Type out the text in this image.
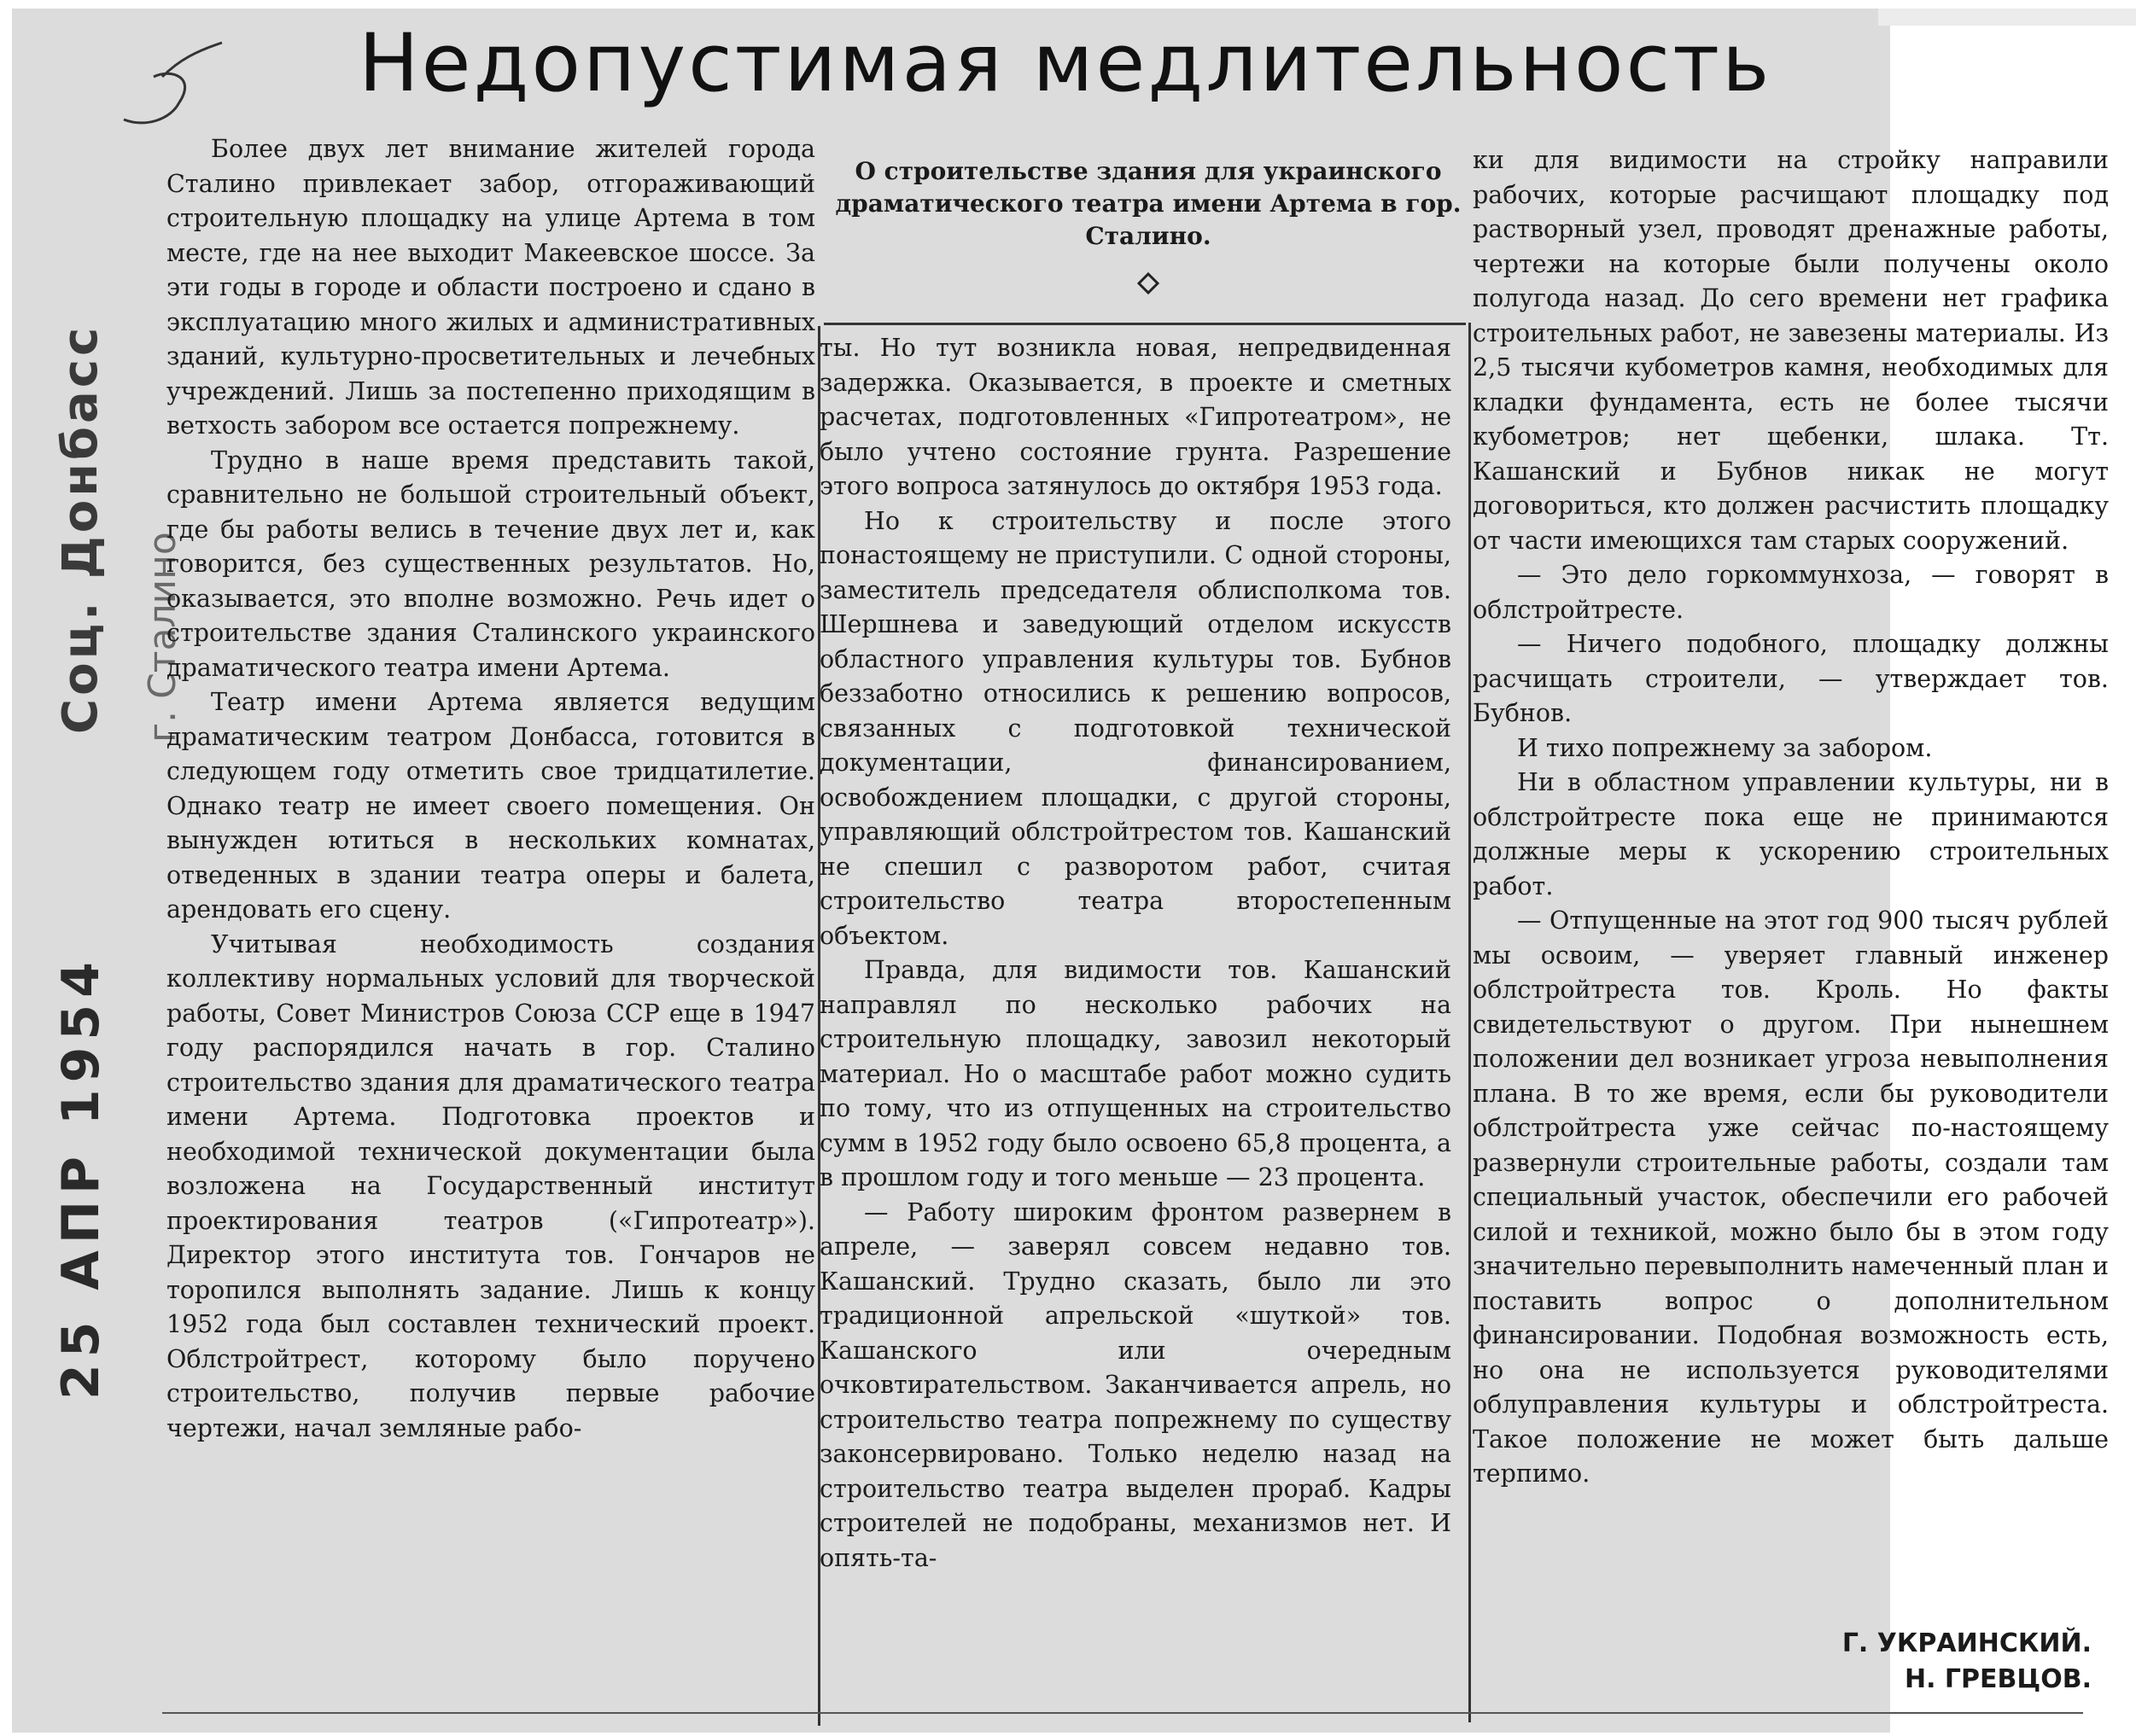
Недопустимая медлительность
Соц. Донбасс г. Сталино
25 АПР 1954

Более двух лет внимание жителей города Сталино привлекает забор, отгораживающий строительную площадку на улице Артема в том месте, где на нее выходит Макеевское шоссе. За эти годы в городе и области построено и сдано в эксплуатацию много жилых и административных зданий, культурно-просветительных и лечебных учреждений. Лишь за постепенно приходящим в ветхость забором все остается попрежнему.

Трудно в наше время представить такой, сравнительно не большой строительный объект, где бы работы велись в течение двух лет и, как говорится, без существенных результатов. Но, оказывается, это вполне возможно. Речь идет о строительстве здания Сталинского украинского драматического театра имени Артема.

Театр имени Артема является ведущим драматическим театром Донбасса, готовится в следующем году отметить свое тридцатилетие. Однако театр не имеет своего помещения. Он вынужден ютиться в нескольких комнатах, отведенных в здании театра оперы и балета, арендовать его сцену.

Учитывая необходимость создания коллективу нормальных условий для творческой работы, Совет Министров Союза ССР еще в 1947 году распорядился начать в гор. Сталино строительство здания для драматического театра имени Артема. Подготовка проектов и необходимой технической документации была возложена на Государственный институт проектирования театров («Гипротеатр»). Директор этого института тов. Гончаров не торопился выполнять задание. Лишь к концу 1952 года был составлен технический проект. Облстройтрест, которому было поручено строительство, получив первые рабочие чертежи, начал земляные рабо-

О строительстве здания для украинского драматического театра имени Артема в гор. Сталино.

ты. Но тут возникла новая, непредвиденная задержка. Оказывается, в проекте и сметных расчетах, подготовленных «Гипротеатром», не было учтено состояние грунта. Разрешение этого вопроса затянулось до октября 1953 года.

Но к строительству и после этого понастоящему не приступили. С одной стороны, заместитель председателя облисполкома тов. Шершнева и заведующий отделом искусств областного управления культуры тов. Бубнов беззаботно относились к решению вопросов, связанных с подготовкой технической документации, финансированием, освобождением площадки, с другой стороны, управляющий облстройтрестом тов. Кашанский не спешил с разворотом работ, считая строительство театра второстепенным объектом.

Правда, для видимости тов. Кашанский направлял по несколько рабочих на строительную площадку, завозил некоторый материал. Но о масштабе работ можно судить по тому, что из отпущенных на строительство сумм в 1952 году было освоено 65,8 процента, а в прошлом году и того меньше — 23 процента.

— Работу широким фронтом развернем в апреле, — заверял совсем недавно тов. Кашанский. Трудно сказать, было ли это традиционной апрельской «шуткой» тов. Кашанского или очередным очковтирательством. Заканчивается апрель, но строительство театра попрежнему по существу законсервировано. Только неделю назад на строительство театра выделен прораб. Кадры строителей не подобраны, механизмов нет. И опять-та-

ки для видимости на стройку направили рабочих, которые расчищают площадку под растворный узел, проводят дренажные работы, чертежи на которые были получены около полугода назад. До сего времени нет графика строительных работ, не завезены материалы. Из 2,5 тысячи кубометров камня, необходимых для кладки фундамента, есть не более тысячи кубометров; нет щебенки, шлака. Тт. Кашанский и Бубнов никак не могут договориться, кто должен расчистить площадку от части имеющихся там старых сооружений.

— Это дело горкоммунхоза, — говорят в облстройтресте.

— Ничего подобного, площадку должны расчищать строители, — утверждает тов. Бубнов.

И тихо попрежнему за забором.

Ни в областном управлении культуры, ни в облстройтресте пока еще не принимаются должные меры к ускорению строительных работ.

— Отпущенные на этот год 900 тысяч рублей мы освоим, — уверяет главный инженер облстройтреста тов. Кроль. Но факты свидетельствуют о другом. При нынешнем положении дел возникает угроза невыполнения плана. В то же время, если бы руководители облстройтреста уже сейчас по-настоящему развернули строительные работы, создали там специальный участок, обеспечили его рабочей силой и техникой, можно было бы в этом году значительно перевыполнить намеченный план и поставить вопрос о дополнительном финансировании. Подобная возможность есть, но она не используется руководителями облуправления культуры и облстройтреста. Такое положение не может быть дальше терпимо.

Г. УКРАИНСКИЙ.
Н. ГРЕВЦОВ.
